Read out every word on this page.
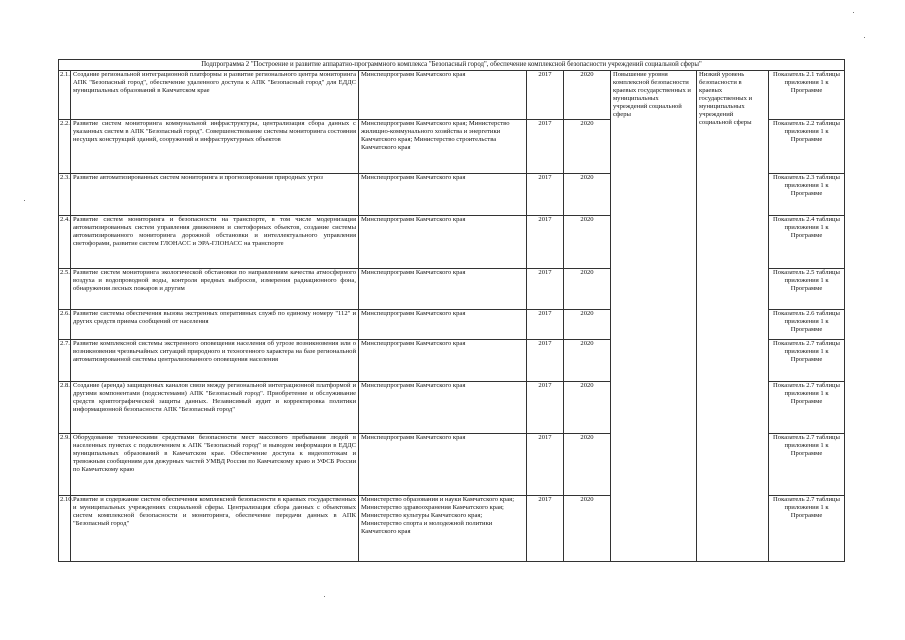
Подпрограмма 2 "Построение и развитие аппаратно-программного комплекса "Безопасный город", обеспечение комплексной безопасности учреждений социальной сферы"							
2.1.	Создание региональной интеграционной платформы и развитие регионального центра мониторинга АПК "Безопасный город", обеспечение удаленного доступа к АПК "Безопасный город" для ЕДДС муниципальных образований в Камчатском крае	Минспецпрограмм Камчатского края	2017	2020	Повышение уровня комплексной безопасности краевых государственных и муниципальных учреждений социальной сферы	Низкий уровень безопасности в краевых государственных и муниципальных учреждений социальной сферы	Показатель 2.1 таблицы приложения 1 к Программе
2.2.	Развитие систем мониторинга коммунальной инфраструктуры, централизация сбора данных с указанных систем в АПК "Безопасный город". Совершенствование системы мониторинга состояния несущих конструкций зданий, сооружений и инфраструктурных объектов	Минспецпрограмм Камчатского края; Министерство жилищно-коммунального хозяйства и энергетики Камчатского края; Министерство строительства Камчатского края	2017	2020			Показатель 2.2 таблицы приложения 1 к Программе
2.3.	Развитие автоматизированных систем мониторинга и прогнозирования природных угроз	Минспецпрограмм Камчатского края	2017	2020			Показатель 2.3 таблицы приложения 1 к Программе
2.4.	Развитие систем мониторинга и безопасности на транспорте, в том числе модернизация автоматизированных систем управления движением и светофорных объектов, создание системы автоматизированного мониторинга дорожной обстановки и интеллектуального управления светофорами, развитие систем ГЛОНАСС и ЭРА-ГЛОНАСС на транспорте	Минспецпрограмм Камчатского края	2017	2020			Показатель 2.4 таблицы приложения 1 к Программе
2.5.	Развитие систем мониторинга экологической обстановки по направлениям качества атмосферного воздуха и водопроводной воды, контроля вредных выбросов, измерения радиационного фона, обнаружения лесных пожаров и другим	Минспецпрограмм Камчатского края	2017	2020			Показатель 2.5 таблицы приложения 1 к Программе
2.6.	Развитие системы обеспечения вызова экстренных оперативных служб по единому номеру "112" и других средств приема сообщений от населения	Минспецпрограмм Камчатского края	2017	2020			Показатель 2.6 таблицы приложения 1 к Программе
2.7.	Развитие комплексной системы экстренного оповещения населения об угрозе возникновения или о возникновении чрезвычайных ситуаций природного и техногенного характера на базе региональной автоматизированной системы централизованного оповещения населения	Минспецпрограмм Камчатского края	2017	2020			Показатель 2.7 таблицы приложения 1 к Программе
2.8.	Создание (аренда) защищенных каналов связи между региональной интеграционной платформой и другими компонентами (подсистемами) АПК "Безопасный город". Приобретение и обслуживание средств криптографической защиты данных. Независимый аудит и корректировка политики информационной безопасности АПК "Безопасный город"	Минспецпрограмм Камчатского края	2017	2020			Показатель 2.7 таблицы приложения 1 к Программе
2.9.	Оборудование техническими средствами безопасности мест массового пребывания людей в населенных пунктах с подключением к АПК "Безопасный город" и выводом информации в ЕДДС муниципальных образований в Камчатском крае. Обеспечение доступа к видеопотокам и тревожным сообщениям для дежурных частей УМВД России по Камчатскому краю и УФСБ России по Камчатскому краю	Минспецпрограмм Камчатского края	2017	2020			Показатель 2.7 таблицы приложения 1 к Программе
2.10.	Развитие и содержание систем обеспечения комплексной безопасности в краевых государственных и муниципальных учреждениях социальной сферы. Централизация сбора данных с объектовых систем комплексной безопасности и мониторинга, обеспечение передачи данных в АПК "Безопасный город"	Министерство образования и науки Камчатского края; Министерство здравоохранения Камчатского края; Министерство культуры Камчатского края; Министерство спорта и молодежной политики Камчатского края	2017	2020			Показатель 2.7 таблицы приложения 1 к Программе
